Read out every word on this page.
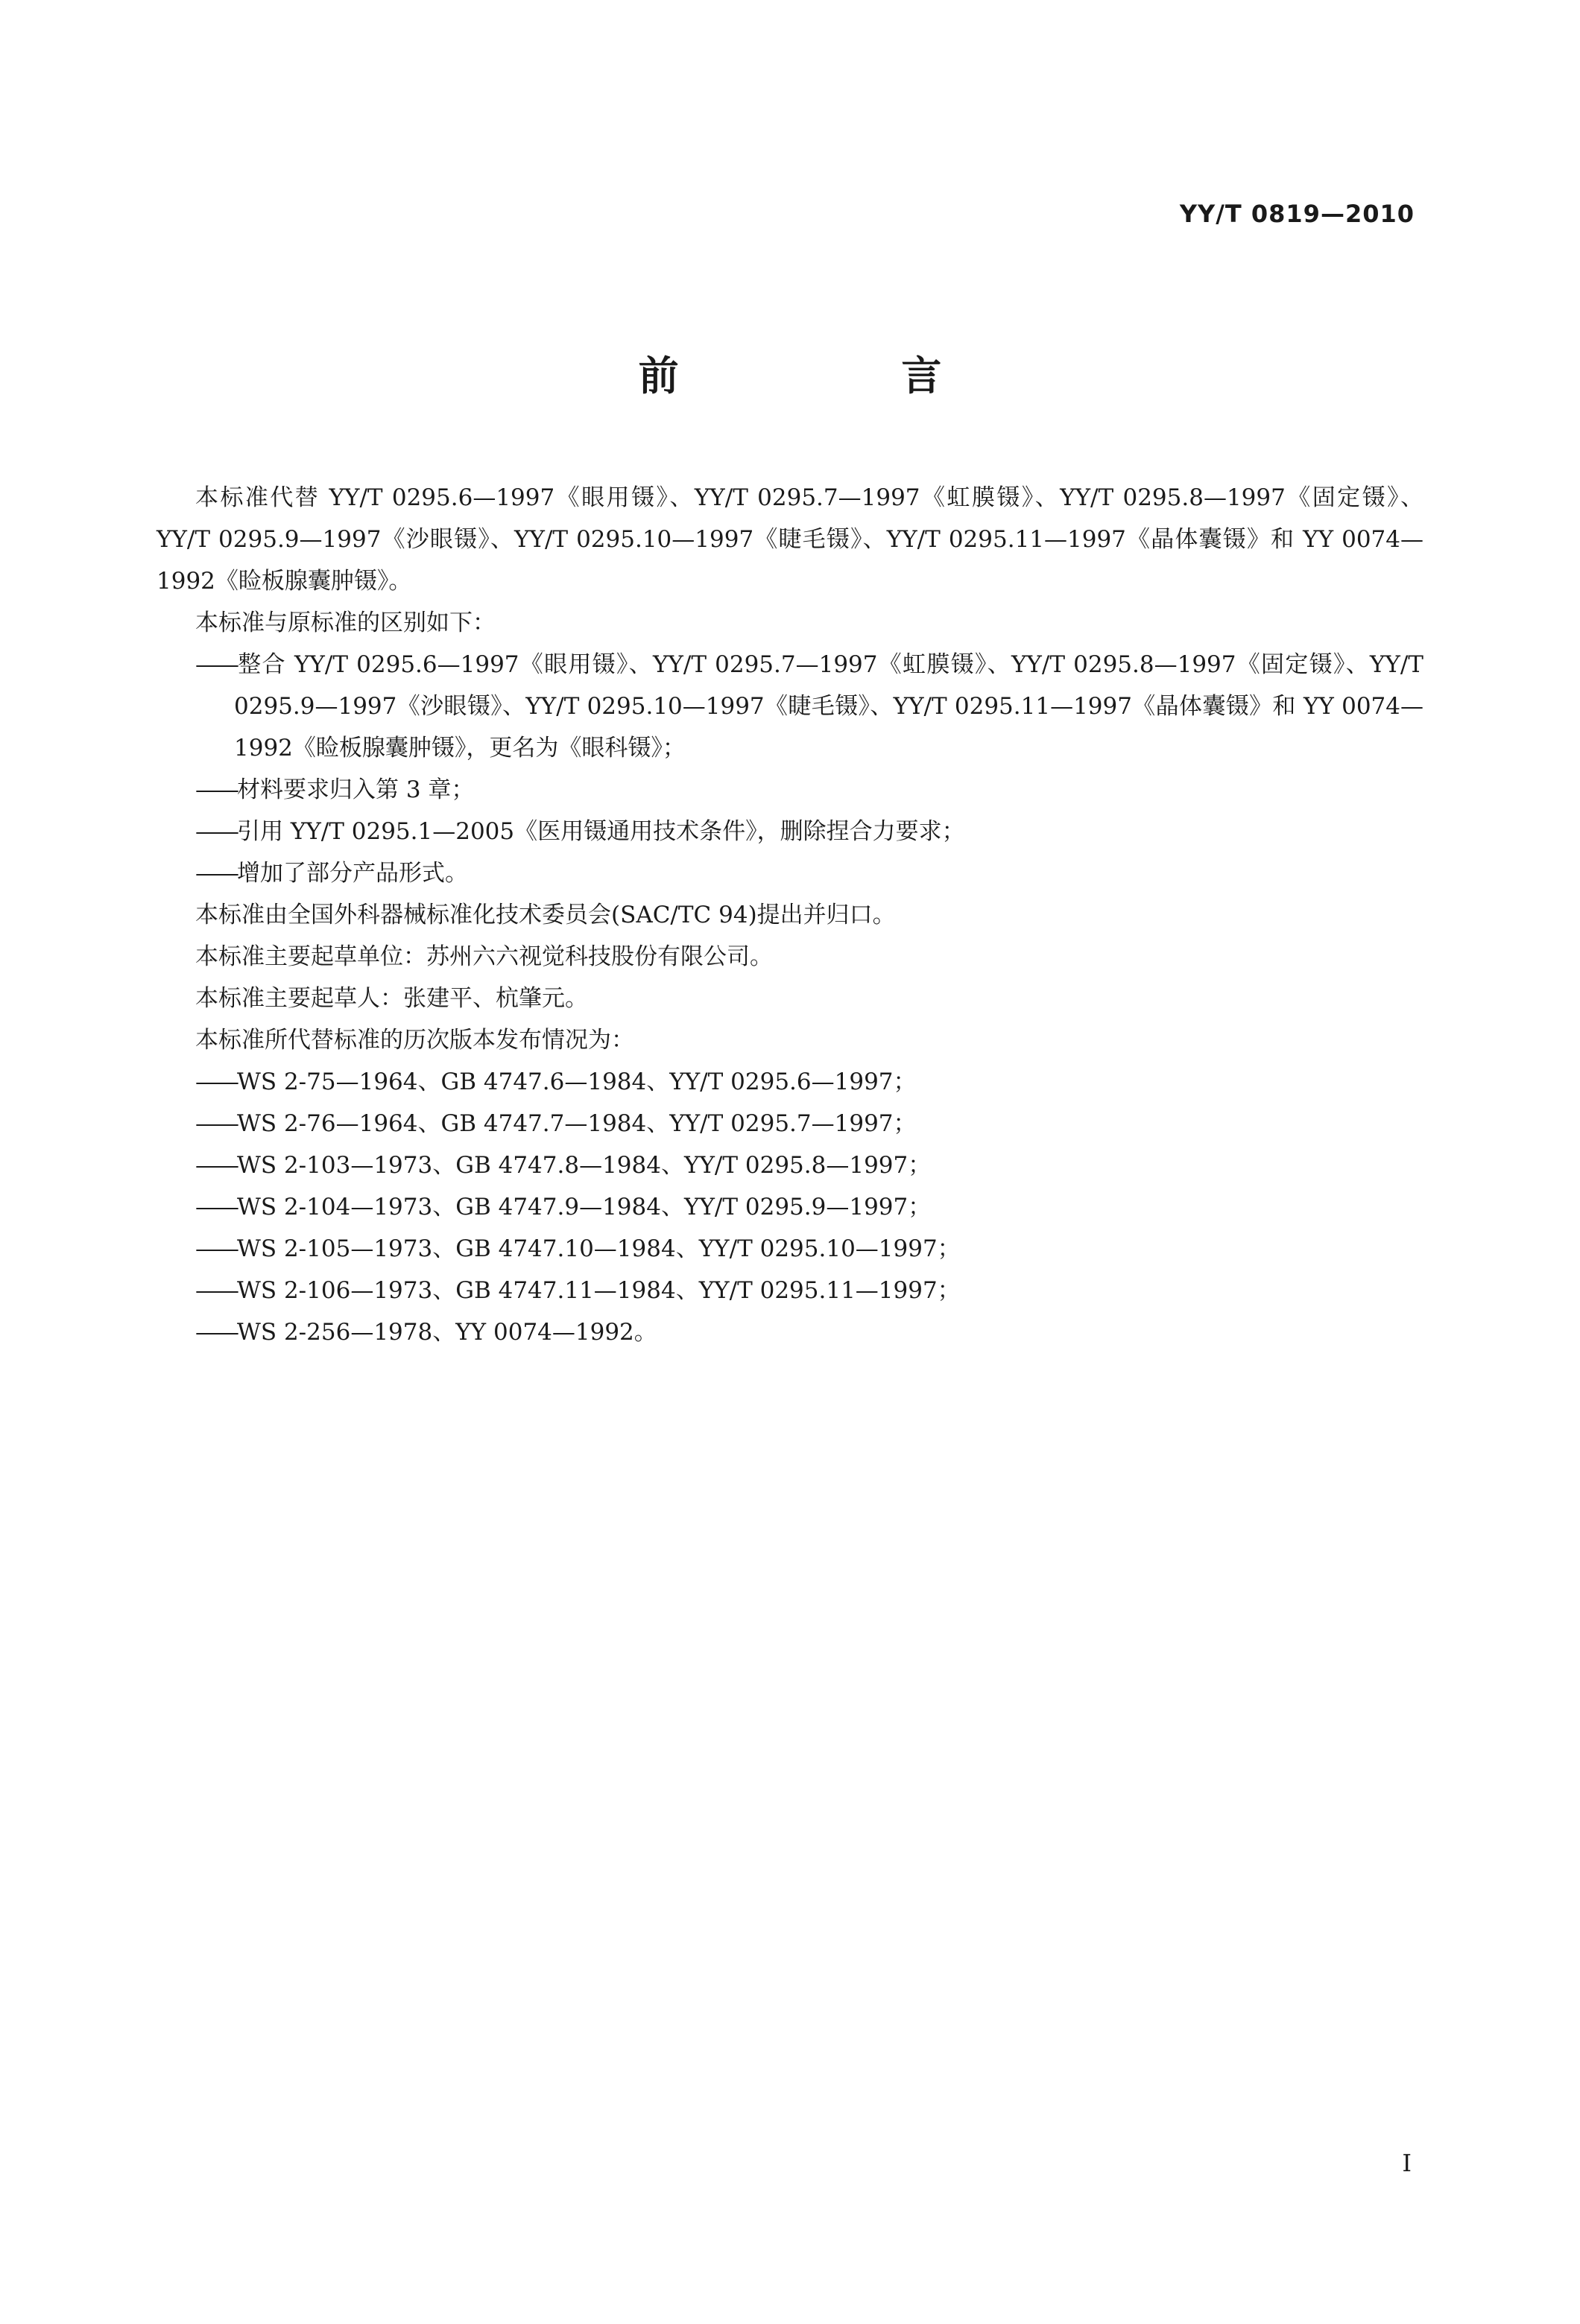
YY/T 0819—2010
前 言

本标准代替 YY/T 0295.6—1997《眼用镊》、YY/T 0295.7—1997《虹膜镊》、YY/T 0295.8—1997《固定镊》、YY/T 0295.9—1997《沙眼镊》、YY/T 0295.10—1997《睫毛镊》、YY/T 0295.11—1997《晶体囊镊》和 YY 0074—1992《睑板腺囊肿镊》。

本标准与原标准的区别如下：

——整合 YY/T 0295.6—1997《眼用镊》、YY/T 0295.7—1997《虹膜镊》、YY/T 0295.8—1997《固定镊》、YY/T 0295.9—1997《沙眼镊》、YY/T 0295.10—1997《睫毛镊》、YY/T 0295.11—1997《晶体囊镊》和 YY 0074—1992《睑板腺囊肿镊》，更名为《眼科镊》；

——材料要求归入第 3 章；

——引用 YY/T 0295.1—2005《医用镊通用技术条件》，删除捏合力要求；

——增加了部分产品形式。

本标准由全国外科器械标准化技术委员会(SAC/TC 94)提出并归口。

本标准主要起草单位：苏州六六视觉科技股份有限公司。

本标准主要起草人：张建平、杭肇元。

本标准所代替标准的历次版本发布情况为：

——WS 2-75—1964、GB 4747.6—1984、YY/T 0295.6—1997；

——WS 2-76—1964、GB 4747.7—1984、YY/T 0295.7—1997；

——WS 2-103—1973、GB 4747.8—1984、YY/T 0295.8—1997；

——WS 2-104—1973、GB 4747.9—1984、YY/T 0295.9—1997；

——WS 2-105—1973、GB 4747.10—1984、YY/T 0295.10—1997；

——WS 2-106—1973、GB 4747.11—1984、YY/T 0295.11—1997；

——WS 2-256—1978、YY 0074—1992。

I
